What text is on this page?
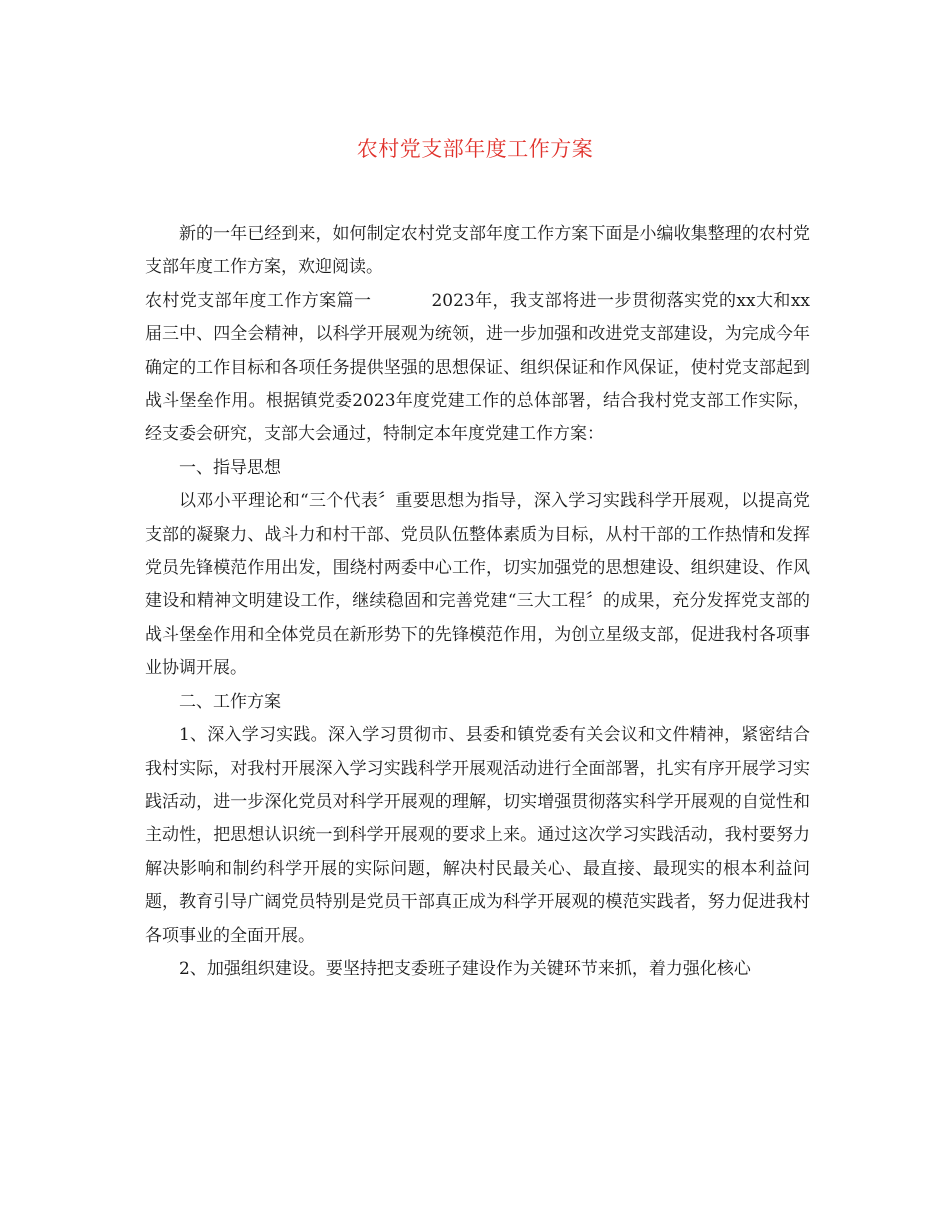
农村党支部年度工作方案

新的一年已经到来，如何制定农村党支部年度工作方案下面是小编收集整理的农村党支部年度工作方案，欢迎阅读。

农村党支部年度工作方案篇一	2023年，我支部将进一步贯彻落实党的xx大和xx届三中、四全会精神，以科学开展观为统领，进一步加强和改进党支部建设，为完成今年确定的工作目标和各项任务提供坚强的思想保证、组织保证和作风保证，使村党支部起到战斗堡垒作用。根据镇党委2023年度党建工作的总体部署，结合我村党支部工作实际，经支委会研究，支部大会通过，特制定本年度党建工作方案：

一、指导思想

以邓小平理论和“三个代表〞重要思想为指导，深入学习实践科学开展观，以提高党支部的凝聚力、战斗力和村干部、党员队伍整体素质为目标，从村干部的工作热情和发挥党员先锋模范作用出发，围绕村两委中心工作，切实加强党的思想建设、组织建设、作风建设和精神文明建设工作，继续稳固和完善党建“三大工程〞的成果，充分发挥党支部的战斗堡垒作用和全体党员在新形势下的先锋模范作用，为创立星级支部，促进我村各项事业协调开展。

二、工作方案

1、深入学习实践。深入学习贯彻市、县委和镇党委有关会议和文件精神，紧密结合我村实际，对我村开展深入学习实践科学开展观活动进行全面部署，扎实有序开展学习实践活动，进一步深化党员对科学开展观的理解，切实增强贯彻落实科学开展观的自觉性和主动性，把思想认识统一到科学开展观的要求上来。通过这次学习实践活动，我村要努力解决影响和制约科学开展的实际问题，解决村民最关心、最直接、最现实的根本利益问题，教育引导广阔党员特别是党员干部真正成为科学开展观的模范实践者，努力促进我村各项事业的全面开展。

2、加强组织建设。要坚持把支委班子建设作为关键环节来抓，着力强化核心
